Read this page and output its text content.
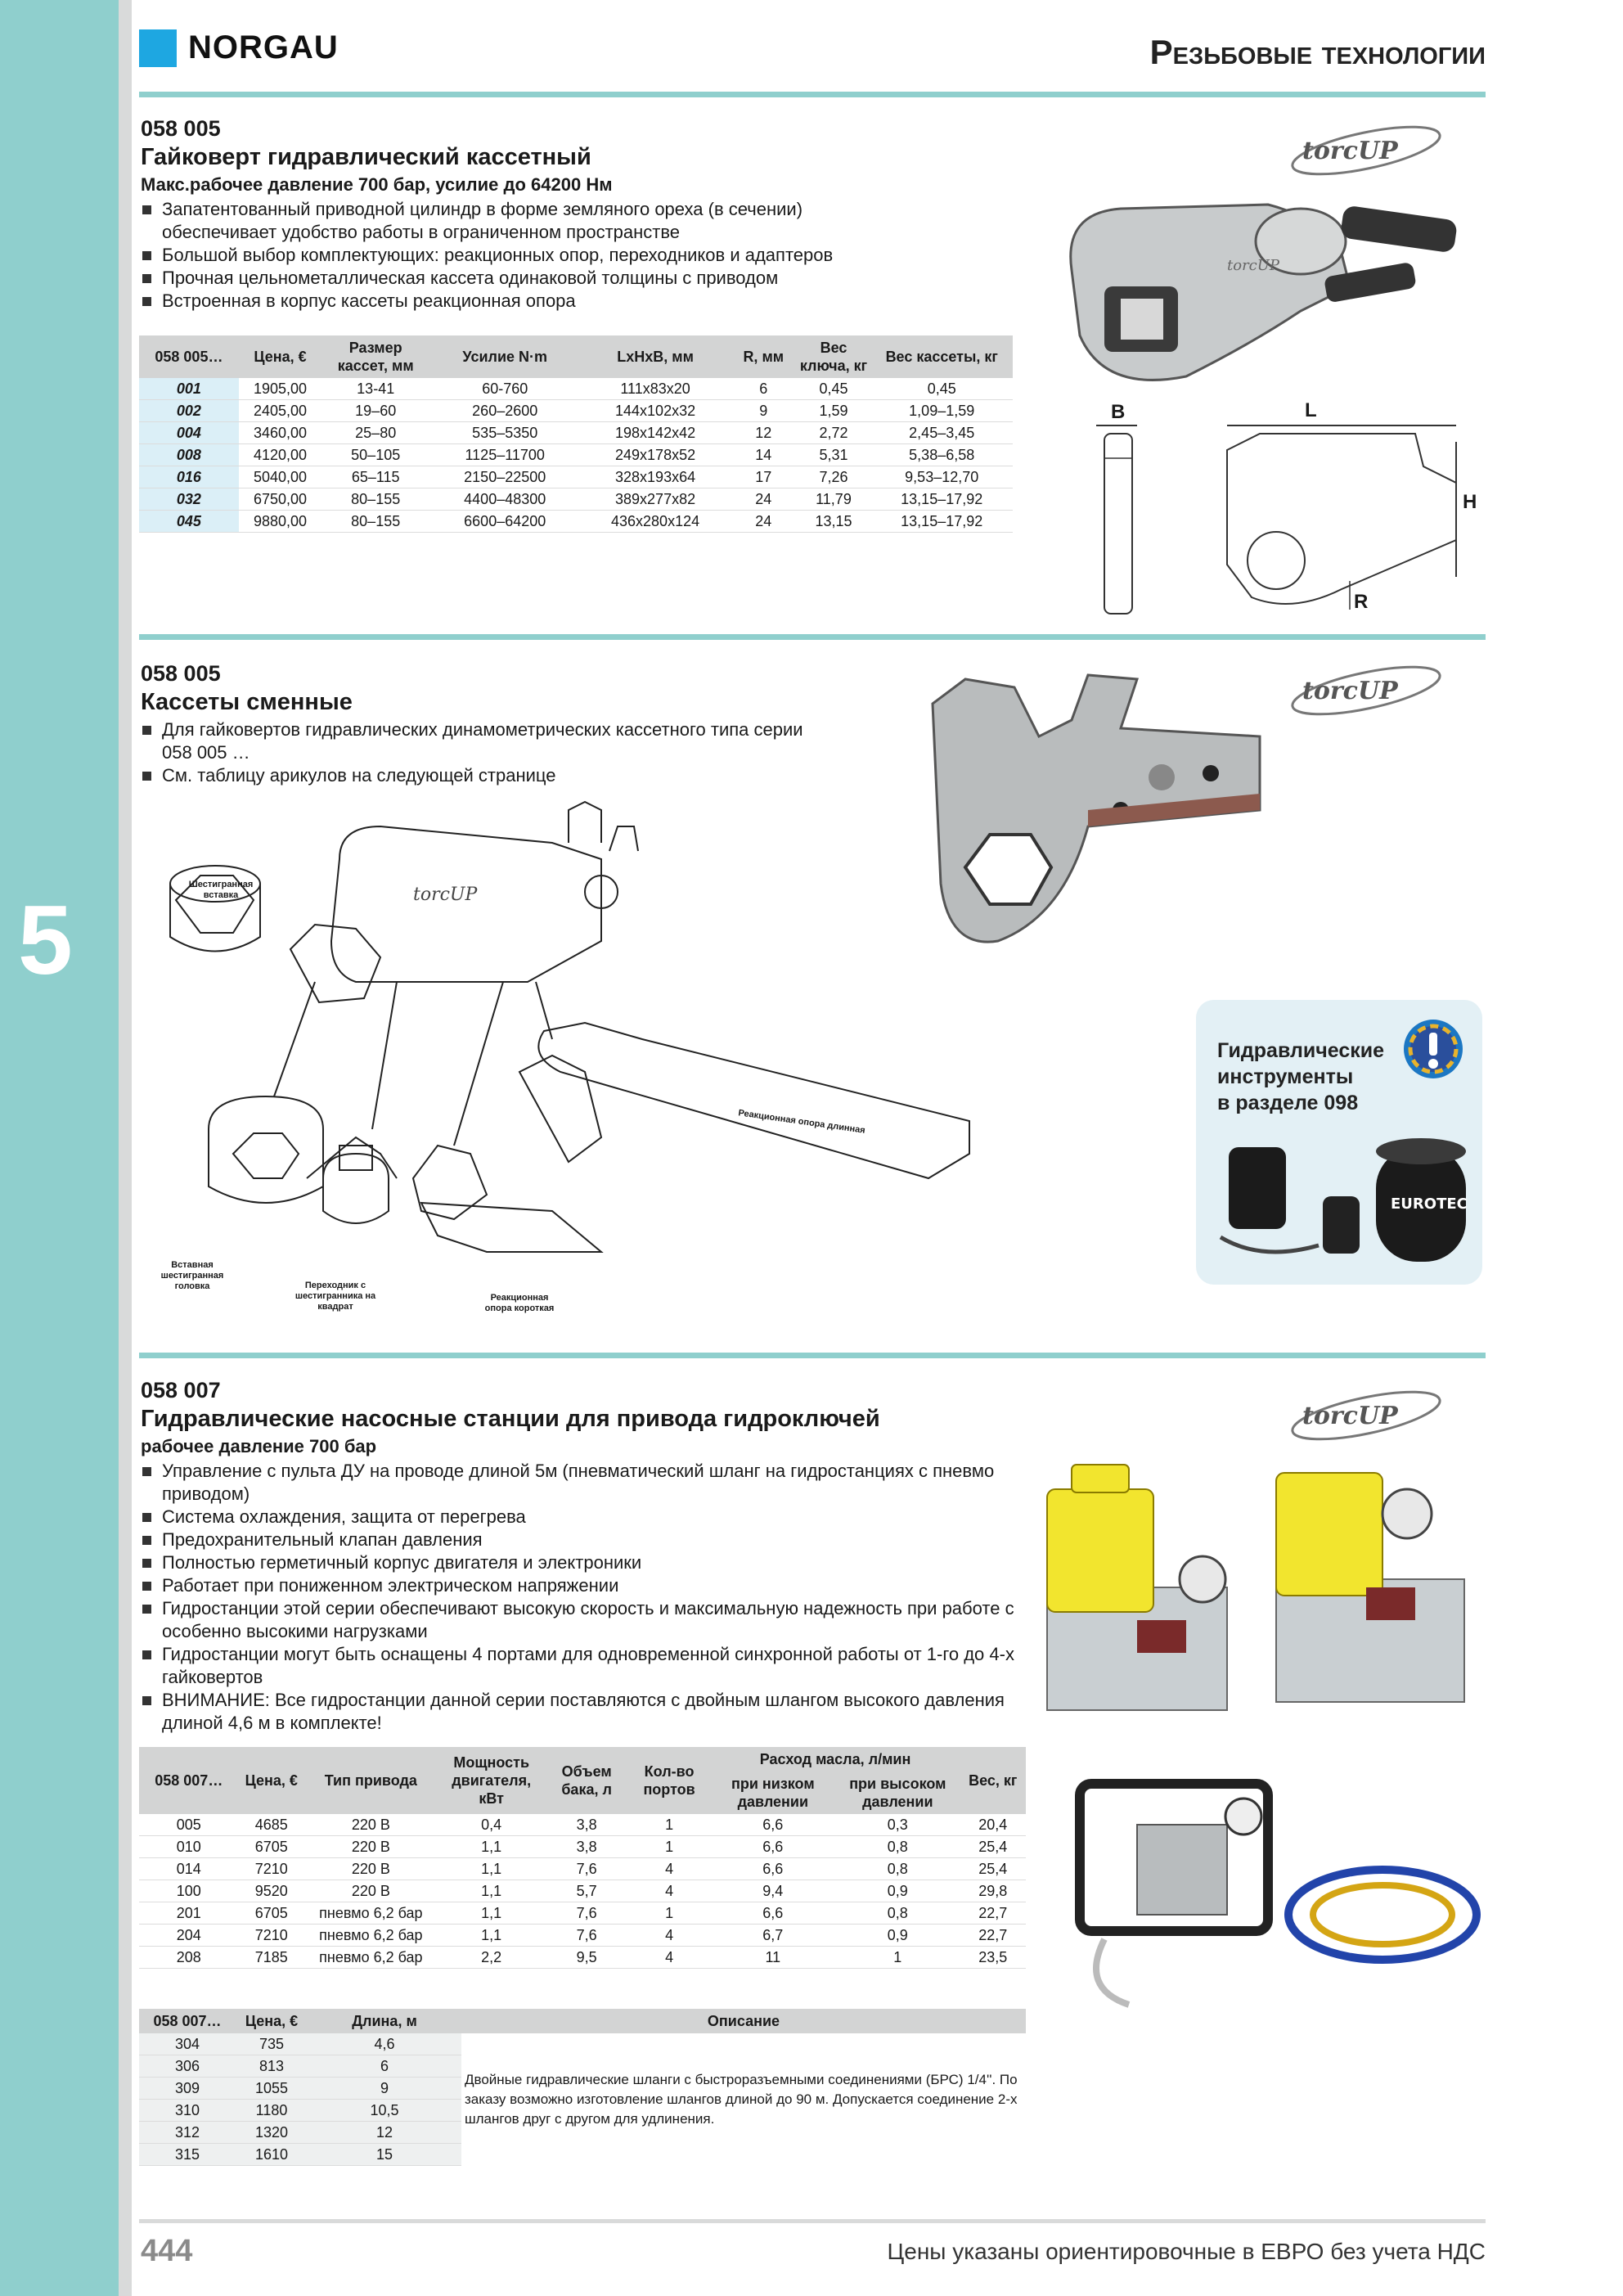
5
NORGAU	Резьбовые технологии
058 005
Гайковерт гидравлический кассетный
Макс.рабочее давление 700 бар, усилие до 64200 Нм
Запатентованный приводной цилиндр в форме земляного ореха (в сечении) обеспечивает удобство работы в ограниченном пространстве
Большой выбор комплектующих: реакционных опор, переходников и адаптеров
Прочная цельнометаллическая кассета одинаковой толщины с приводом
Встроенная в корпус кассеты реакционная опора
torcUP
torcUP
058 005…	Цена, €	Размер кассет, мм	Усилие N·m	LxHxB, мм	R, мм	Вес ключа, кг	Вес кассеты, кг
001	1905,00	13-41	60-760	111x83x20	6	0,45	0,45
002	2405,00	19–60	260–2600	144x102x32	9	1,59	1,09–1,59
004	3460,00	25–80	535–5350	198x142x42	12	2,72	2,45–3,45
008	4120,00	50–105	1125–11700	249x178x52	14	5,31	5,38–6,58
016	5040,00	65–115	2150–22500	328x193x64	17	7,26	9,53–12,70
032	6750,00	80–155	4400–48300	389x277x82	24	11,79	13,15–17,92
045	9880,00	80–155	6600–64200	436x280x124	24	13,15	13,15–17,92
B	L
H
R
058 005
Кассеты сменные
Для гайковертов гидравлических динамометрических кассетного типа серии 058 005 …
См. таблицу арикулов на следующей странице
torcUP
torcUP
Шестигранная вставка
Реакционная опора длинная
Вставная шестигранная головка	Переходник с шестигранника на квадрат
Реакционная опора короткая
Гидравлические
инструменты
в разделе 098
EUROTEC
058 007
Гидравлические насосные станции для привода гидроключей
рабочее давление 700 бар
Управление с пульта ДУ на проводе длиной 5м (пневматический шланг на гидростанциях с пневмо приводом)
Система охлаждения, защита от перегрева
Предохранительный клапан давления
Полностью герметичный корпус двигателя и электроники
Работает при пониженном электрическом напряжении
Гидростанции этой серии обеспечивают высокую скорость и максимальную надежность при работе с особенно высокими нагрузками
Гидростанции могут быть оснащены 4 портами для одновременной синхронной работы от 1-го до 4-х гайковертов
ВНИМАНИЕ: Все гидростанции данной серии поставляются с двойным шлангом высокого давления длиной 4,6 м в комплекте!
torcUP
058 007…	Цена, €	Тип привода	Мощность двигателя, кВт	Объем бака, л	Кол-во портов	Расход масла, л/мин		Вес, кг
						при низком давлении	при высоком давлении	
005	4685	220 В	0,4	3,8	1	6,6	0,3	20,4
010	6705	220 В	1,1	3,8	1	6,6	0,8	25,4
014	7210	220 В	1,1	7,6	4	6,6	0,8	25,4
100	9520	220 В	1,1	5,7	4	9,4	0,9	29,8
201	6705	пневмо 6,2 бар	1,1	7,6	1	6,6	0,8	22,7
204	7210	пневмо 6,2 бар	1,1	7,6	4	6,7	0,9	22,7
208	7185	пневмо 6,2 бар	2,2	9,5	4	11	1	23,5
058 007…	Цена, €	Длина, м	Описание
304	735	4,6	Двойные гидравлические шланги с быстроразъемными соединениями (БРС) 1/4''. По заказу возможно изготовление шлангов длиной до 90 м. Допускается соединение 2-х шлангов друг с другом для удлинения.
306	813	6	
309	1055	9	
310	1180	10,5	
312	1320	12	
315	1610	15	
444	Цены указаны ориентировочные в ЕВРО без учета НДС
